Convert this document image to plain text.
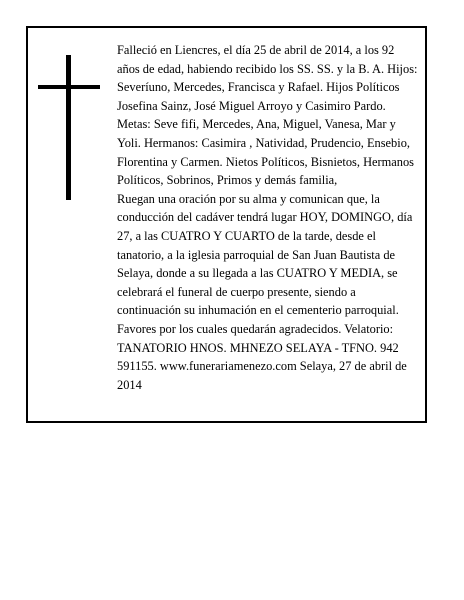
Falleció en Liencres, el día 25 de abril de 2014, a los 92 años de edad, habiendo recibido los SS. SS. y la B. A. Hijos: Severíuno, Mercedes, Francisca y Rafael. Hijos Políticos Josefina Sainz, José Miguel Arroyo y Casimiro Pardo. Metas: Seve fifi, Mercedes, Ana, Miguel, Vanesa, Mar y Yoli. Hermanos: Casimira , Natividad, Prudencio, Ensebio, Florentina y Carmen. Nietos Políticos, Bisnietos, Hermanos Políticos, Sobrinos, Primos y demás familia,
Ruegan una oración por su alma y comunican que, la conducción del cadáver tendrá lugar HOY, DOMINGO, día 27, a las CUATRO Y CUARTO de la tarde, desde el tanatorio, a la iglesia parroquial de San Juan Bautista de Selaya, donde a su llegada a las CUATRO Y MEDIA, se celebrará el funeral de cuerpo presente, siendo a continuación su inhumación en el cementerio parroquial. Favores por los cuales quedarán agradecidos. Velatorio: TANATORIO HNOS. MHNEZO SELAYA - TFNO. 942 591155. www.funerariamenezo.com Selaya, 27 de abril de 2014
